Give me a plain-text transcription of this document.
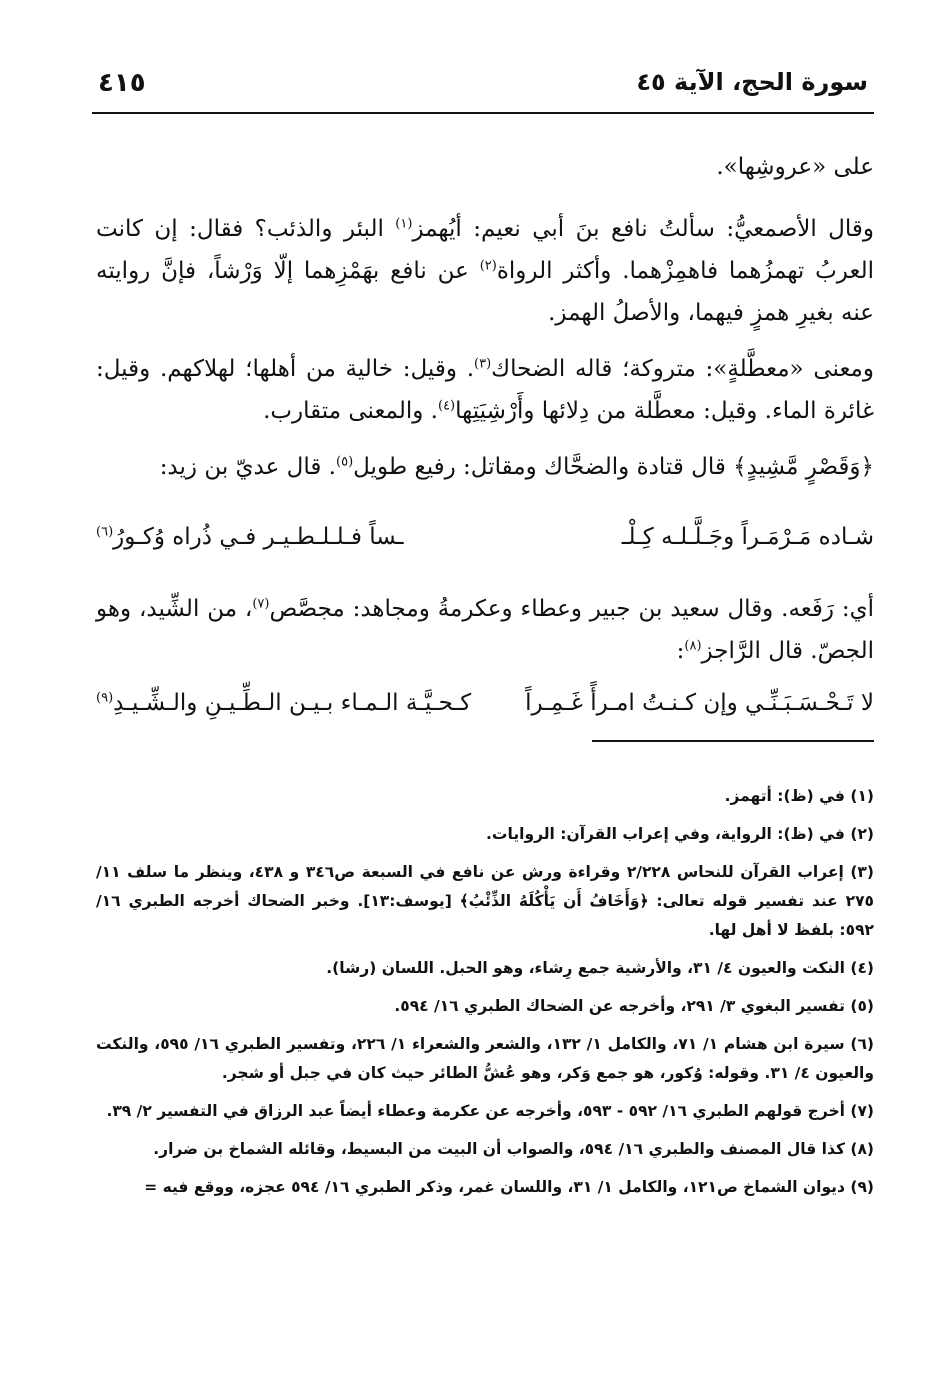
سورة الحج، الآية ٤٥
٤١٥

على «عروشِها».

وقال الأصمعيُّ: سألتُ نافع بنَ أبي نعيم: أيُهمز$^{(١)}$ البئر والذئب؟ فقال: إن كانت العربُ تهمزُهما فاهمِزْهما. وأكثر الرواة$^{(٢)}$ عن نافع بهَمْزِهما إلّا وَرْشاً، فإنَّ روايته عنه بغيرِ همزٍ فيهما، والأصلُ الهمز.

ومعنى «معطَّلةٍ»: متروكة؛ قاله الضحاك$^{(٣)}$. وقيل: خالية من أهلها؛ لهلاكهم. وقيل: غائرة الماء. وقيل: معطَّلة من دِلائها وأَرْشِيَتِها$^{(٤)}$. والمعنى متقارب.

﴿وَقَصْرٍ مَّشِيدٍ﴾ قال قتادة والضحَّاك ومقاتل: رفيع طويل$^{(٥)}$. قال عديّ بن زيد:

شـاده مَـرْمَـراً وجَـلَّـلـه كِـلْـ
ـساً فـلـلـطـيـر فـي ذُراه وُكـورُ$^{(٦)}$

أي: رَفَعه. وقال سعيد بن جبير وعطاء وعكرمةُ ومجاهد: مجصَّص$^{(٧)}$، من الشِّيد، وهو الجصّ. قال الرَّاجز$^{(٨)}$:

لا تَـحْـسَـبَـنِّـي وإن كـنـتُ امـرأً غَـمِـراً
كـحـيَّـة الـمـاء بـيـن الـطِّـيـنِ والـشِّـيـدِ$^{(٩)}$

(١) في (ظ): أتهمز.

(٢) في (ظ): الرواية، وفي إعراب القرآن: الروايات.

(٣) إعراب القرآن للنحاس ٢/٢٢٨ وقراءة ورش عن نافع في السبعة ص٣٤٦ و ٤٣٨، وينظر ما سلف ١١/ ٢٧٥ عند تفسير قوله تعالى: ﴿وَأَخَافُ أَن يَأْكُلَهُ الذِّئْبُ﴾ [يوسف:١٣]. وخبر الضحاك أخرجه الطبري ١٦/ ٥٩٢: بلفظ لا أهل لها.

(٤) النكت والعيون ٤/ ٣١، والأرشية جمع رِشاء، وهو الحبل. اللسان (رشا).

(٥) تفسير البغوي ٣/ ٢٩١، وأخرجه عن الضحاك الطبري ١٦/ ٥٩٤.

(٦) سيرة ابن هشام ١/ ٧١، والكامل ١/ ١٣٢، والشعر والشعراء ١/ ٢٢٦، وتفسير الطبري ١٦/ ٥٩٥، والنكت والعيون ٤/ ٣١. وقوله: وُكور، هو جمع وَكر، وهو عُشُّ الطائر حيث كان في جبل أو شجر.

(٧) أخرج قولهم الطبري ١٦/ ٥٩٢ - ٥٩٣، وأخرجه عن عكرمة وعطاء أيضاً عبد الرزاق في التفسير ٢/ ٣٩.

(٨) كذا قال المصنف والطبري ١٦/ ٥٩٤، والصواب أن البيت من البسيط، وقائله الشماخ بن ضرار.

(٩) ديوان الشماخ ص١٢١، والكامل ١/ ٣١، واللسان غمر، وذكر الطبري ١٦/ ٥٩٤ عجزه، ووقع فيه =
